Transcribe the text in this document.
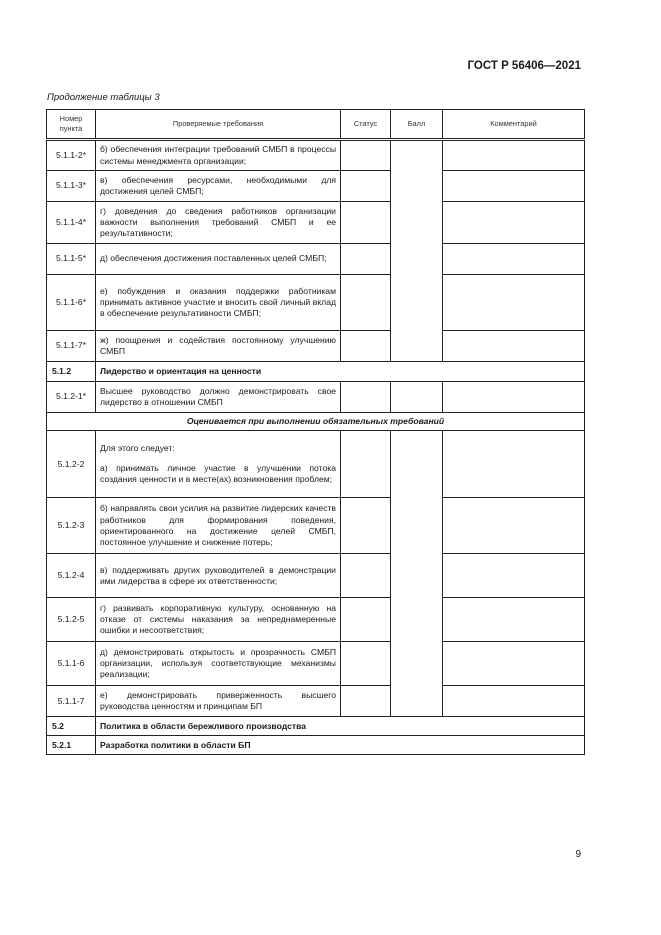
ГОСТ Р 56406—2021
Продолжение таблицы 3
Номер пункта	Проверяемые требования	Статус	Балл	Комментарий
5.1.1-2*	б) обеспечения интеграции требований СМБП в процессы системы менеджмента организации;			
5.1.1-3*	в) обеспечения ресурсами, необходимыми для достижения целей СМБП;			
5.1.1-4*	г) доведения до сведения работников организации важности выполнения требований СМБП и ее результативности;			
5.1.1-5*	д) обеспечения достижения поставленных целей СМБП;			
5.1.1-6*	е) побуждения и оказания поддержки работникам принимать активное участие и вносить свой личный вклад в обеспечение результативности СМБП;			
5.1.1-7*	ж) поощрения и содействия постоянному улучшению СМБП			
5.1.2	Лидерство и ориентация на ценности			
5.1.2-1*	Высшее руководство должно демонстрировать свое лидерство в отношении СМБП			
Оценивается при выполнении обязательных требований				
5.1.2-2	Для этого следует:
а) принимать личное участие в улучшении потока создания ценности и в месте(ах) возникновения проблем;			

5.1.2-3	б) направлять свои усилия на развитие лидерских качеств работников для формирования поведения, ориентированного на достижение целей СМБП, постоянное улучшение и снижение потерь;			
5.1.2-4	в) поддерживать других руководителей в демонстрации ими лидерства в сфере их ответственности;			
5.1.2-5	г) развивать корпоративную культуру, основанную на отказе от системы наказания за непреднамеренные ошибки и несоответствия;			
5.1.1-6	д) демонстрировать открытость и прозрачность СМБП организации, используя соответствующие механизмы реализации;			
5.1.1-7	е) демонстрировать приверженность высшего руководства ценностям и принципам БП			
5.2	Политика в области бережливого производства			
5.2.1	Разработка политики в области БП			
9
